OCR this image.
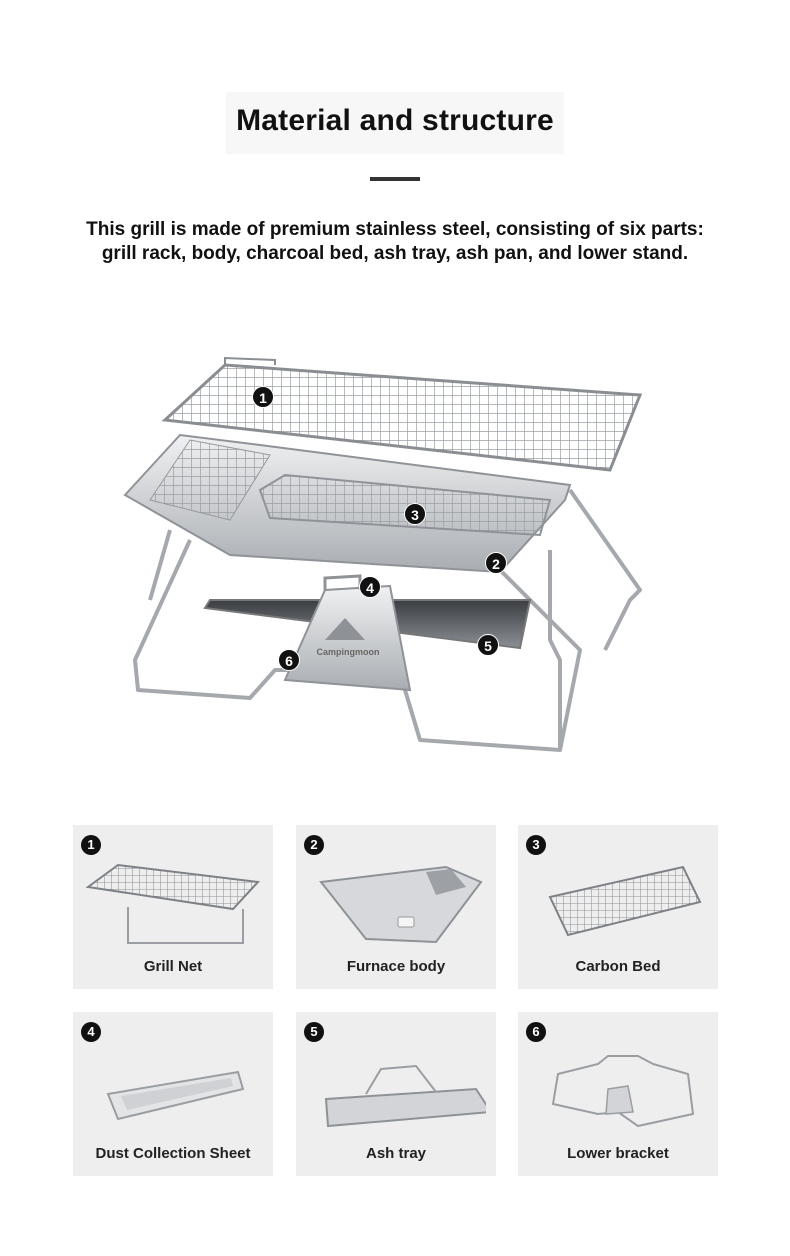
Material and structure

This grill is made of premium stainless steel, consisting of six parts:
grill rack, body, charcoal bed, ash tray, ash pan, and lower stand.

Campingmoon
1
2
3
4
5
6
1
Grill Net
2
Furnace body
3
Carbon Bed
4
Dust Collection Sheet
5
Ash tray
6
Lower bracket
